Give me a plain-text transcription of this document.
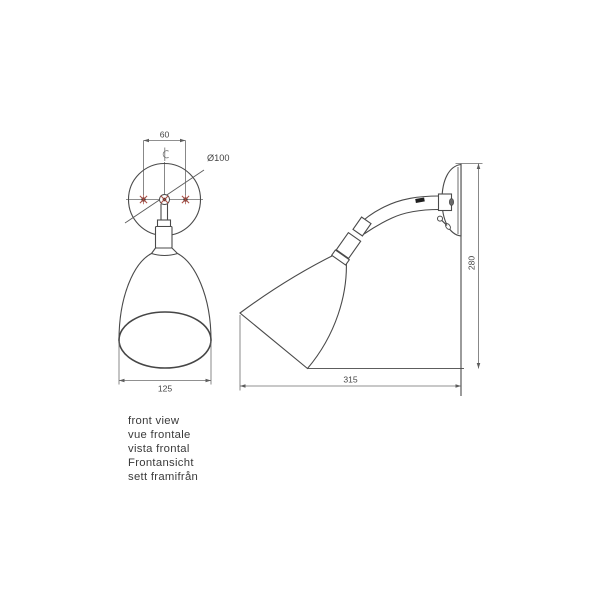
60
Ø100
125
315
280
front view
vue frontale
vista frontal
Frontansicht
sett framifrån
